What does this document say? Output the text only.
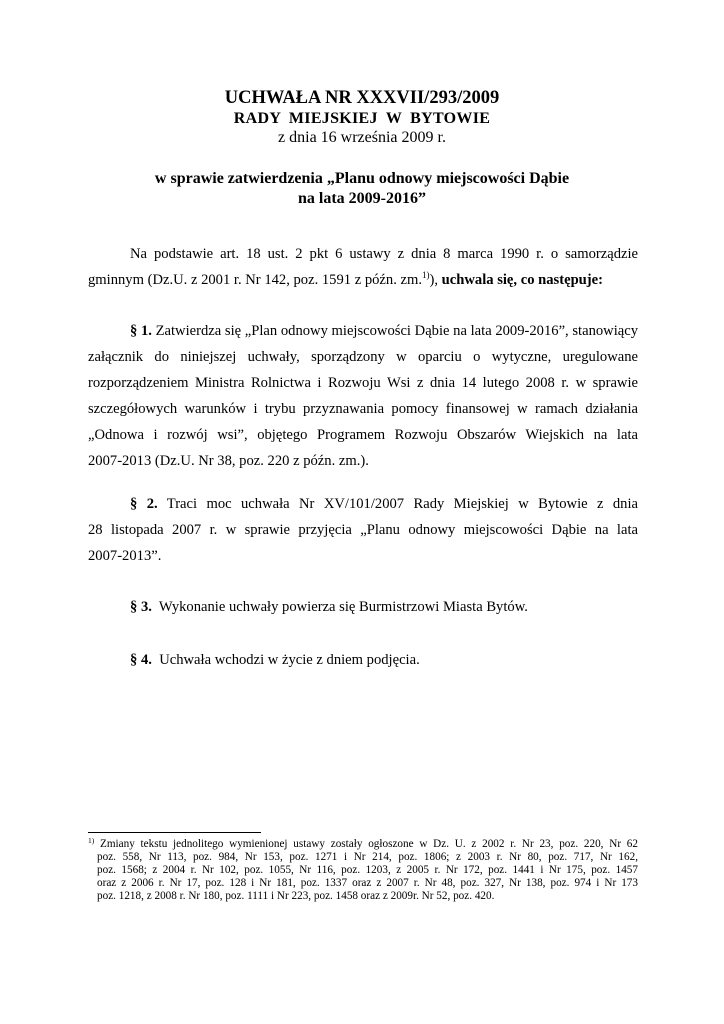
UCHWAŁA NR XXXVII/293/2009
RADY MIEJSKIEJ W BYTOWIE
z dnia 16 września 2009 r.
w sprawie zatwierdzenia „Planu odnowy miejscowości Dąbie
na lata 2009-2016”
Na podstawie art. 18 ust. 2 pkt 6 ustawy z dnia 8 marca 1990 r. o samorządzie
gminnym (Dz.U. z 2001 r. Nr 142, poz. 1591 z późn. zm.$^{1)}$), uchwala się, co następuje:
§ 1. Zatwierdza się „Plan odnowy miejscowości Dąbie na lata 2009-2016”, stanowiący
załącznik do niniejszej uchwały, sporządzony w oparciu o wytyczne, uregulowane
rozporządzeniem Ministra Rolnictwa i Rozwoju Wsi z dnia 14 lutego 2008 r. w sprawie
szczegółowych warunków i trybu przyznawania pomocy finansowej w ramach działania
„Odnowa i rozwój wsi”, objętego Programem Rozwoju Obszarów Wiejskich na lata
2007-2013 (Dz.U. Nr 38, poz. 220 z późn. zm.).
§ 2. Traci moc uchwała Nr XV/101/2007 Rady Miejskiej w Bytowie z dnia
28 listopada 2007 r. w sprawie przyjęcia „Planu odnowy miejscowości Dąbie na lata
2007-2013”.
§ 3.  Wykonanie uchwały powierza się Burmistrzowi Miasta Bytów.
§ 4.  Uchwała wchodzi w życie z dniem podjęcia.
$^{1)}$ Zmiany tekstu jednolitego wymienionej ustawy zostały ogłoszone w Dz. U. z 2002 r. Nr 23, poz. 220, Nr 62
poz. 558, Nr 113, poz. 984, Nr 153, poz. 1271 i Nr 214, poz. 1806; z 2003 r. Nr 80, poz. 717, Nr 162,
poz. 1568; z 2004 r. Nr 102, poz. 1055, Nr 116, poz. 1203, z 2005 r. Nr 172, poz. 1441 i Nr 175, poz. 1457
oraz z 2006 r. Nr 17, poz. 128 i Nr 181, poz. 1337 oraz z 2007 r. Nr 48, poz. 327, Nr 138, poz. 974 i Nr 173
poz. 1218, z 2008 r. Nr 180, poz. 1111 i Nr 223, poz. 1458 oraz z 2009r. Nr 52, poz. 420.
